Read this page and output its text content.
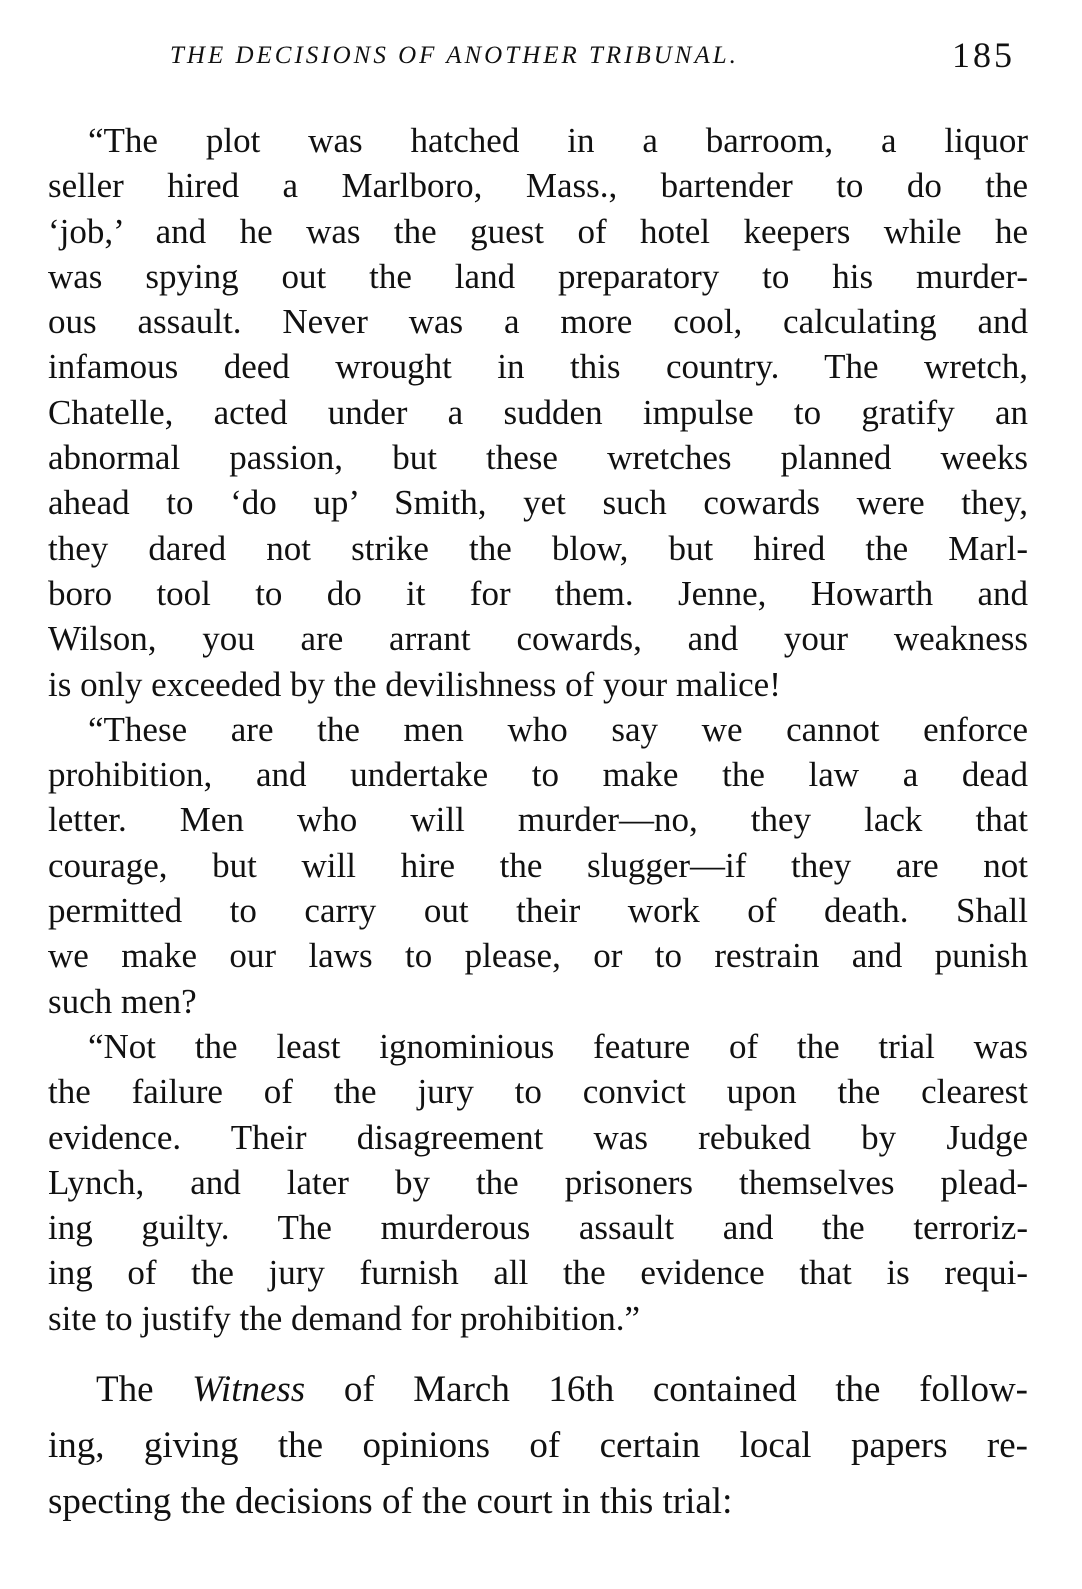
THE DECISIONS OF ANOTHER TRIBUNAL.	185
“The plot was hatched in a barroom, a liquor
seller hired a Marlboro, Mass., bartender to do the
‘job,’ and he was the guest of hotel keepers while he
was spying out the land preparatory to his murder-
ous assault. Never was a more cool, calculating and
infamous deed wrought in this country. The wretch,
Chatelle, acted under a sudden impulse to gratify an
abnormal passion, but these wretches planned weeks
ahead to ‘do up’ Smith, yet such cowards were they,
they dared not strike the blow, but hired the Marl-
boro tool to do it for them. Jenne, Howarth and
Wilson, you are arrant cowards, and your weakness
is only exceeded by the devilishness of your malice!
“These are the men who say we cannot enforce
prohibition, and undertake to make the law a dead
letter. Men who will murder—no, they lack that
courage, but will hire the slugger—if they are not
permitted to carry out their work of death. Shall
we make our laws to please, or to restrain and punish
such men?
“Not the least ignominious feature of the trial was
the failure of the jury to convict upon the clearest
evidence. Their disagreement was rebuked by Judge
Lynch, and later by the prisoners themselves plead-
ing guilty. The murderous assault and the terroriz-
ing of the jury furnish all the evidence that is requi-
site to justify the demand for prohibition.”
The Witness of March 16th contained the follow-
ing, giving the opinions of certain local papers re-
specting the decisions of the court in this trial:
